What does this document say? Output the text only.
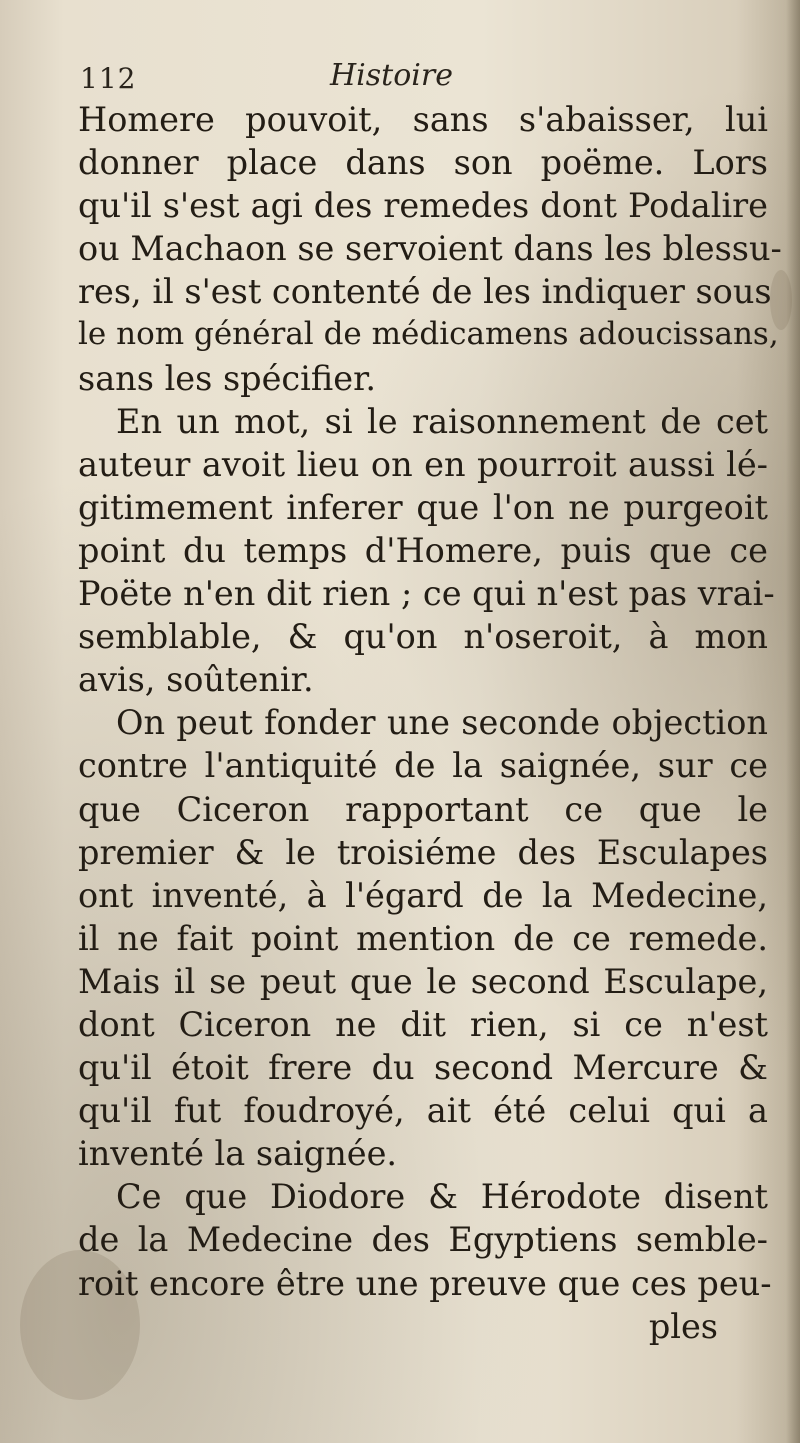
112	Histoire
Homere pouvoit, sans s'abaisser, lui
donner place dans son poëme. Lors
qu'il s'est agi des remedes dont Podalire
ou Machaon se servoient dans les blessu-
res, il s'est contenté de les indiquer sous
le nom général de médicamens adoucissans,
sans les spécifier.
En un mot, si le raisonnement de cet
auteur avoit lieu on en pourroit aussi lé-
gitimement inferer que l'on ne purgeoit
point du temps d'Homere, puis que ce
Poëte n'en dit rien ; ce qui n'est pas vrai-
semblable, & qu'on n'oseroit, à mon
avis, soûtenir.
On peut fonder une seconde objection
contre l'antiquité de la saignée, sur ce
que Ciceron rapportant ce que le
premier & le troisiéme des Esculapes
ont inventé, à l'égard de la Medecine,
il ne fait point mention de ce remede.
Mais il se peut que le second Esculape,
dont Ciceron ne dit rien, si ce n'est
qu'il étoit frere du second Mercure &
qu'il fut foudroyé, ait été celui qui a
inventé la saignée.
Ce que Diodore & Hérodote disent
de la Medecine des Egyptiens semble-
roit encore être une preuve que ces peu-
ples
